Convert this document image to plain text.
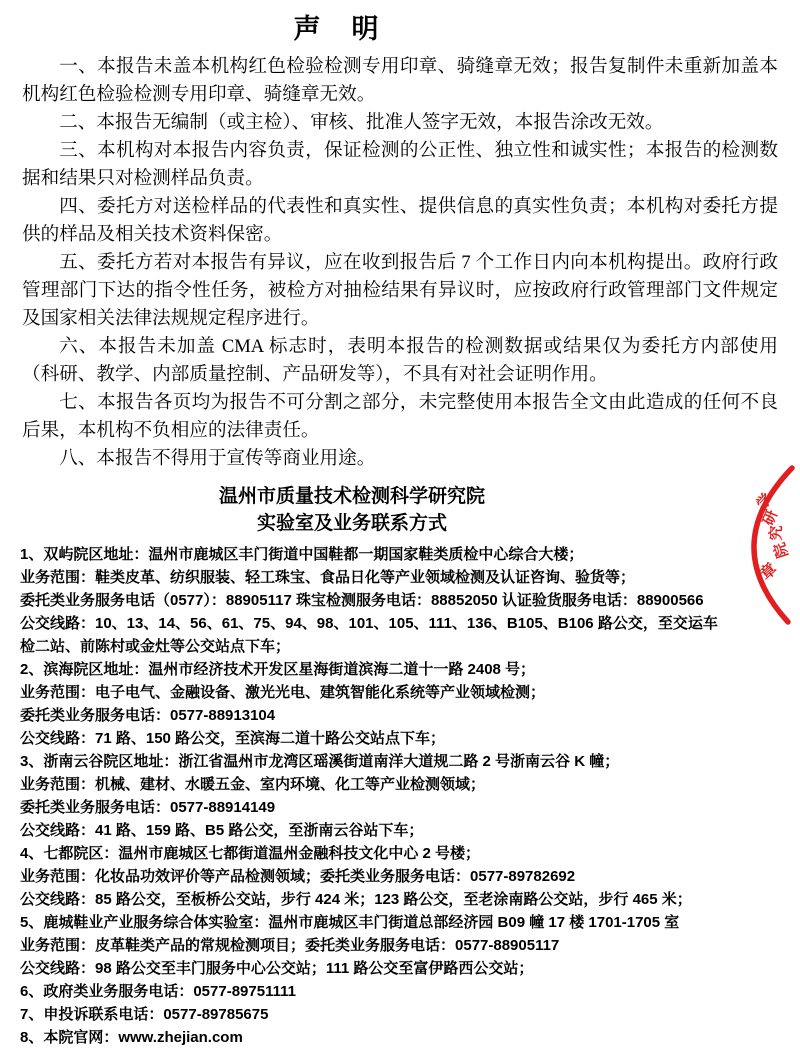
声　明
一、本报告未盖本机构红色检验检测专用印章、骑缝章无效；报告复制件未重新加盖本机构红色检验检测专用印章、骑缝章无效。
二、本报告无编制（或主检）、审核、批准人签字无效，本报告涂改无效。
三、本机构对本报告内容负责，保证检测的公正性、独立性和诚实性；本报告的检测数据和结果只对检测样品负责。
四、委托方对送检样品的代表性和真实性、提供信息的真实性负责；本机构对委托方提供的样品及相关技术资料保密。
五、委托方若对本报告有异议，应在收到报告后 7 个工作日内向本机构提出。政府行政管理部门下达的指令性任务，被检方对抽检结果有异议时，应按政府行政管理部门文件规定及国家相关法律法规规定程序进行。
六、本报告未加盖 CMA 标志时，表明本报告的检测数据或结果仅为委托方内部使用（科研、教学、内部质量控制、产品研发等），不具有对社会证明作用。
七、本报告各页均为报告不可分割之部分，未完整使用本报告全文由此造成的任何不良后果，本机构不负相应的法律责任。
八、本报告不得用于宣传等商业用途。
温州市质量技术检测科学研究院
实验室及业务联系方式
1、双屿院区地址：温州市鹿城区丰门街道中国鞋都一期国家鞋类质检中心综合大楼；
业务范围：鞋类皮革、纺织服装、轻工珠宝、食品日化等产业领域检测及认证咨询、验货等；
委托类业务服务电话（0577）：88905117 珠宝检测服务电话：88852050 认证验货服务电话：88900566
公交线路：10、13、14、56、61、75、94、98、101、105、111、136、B105、B106 路公交，至交运车
检二站、前陈村或金灶等公交站点下车；
2、滨海院区地址：温州市经济技术开发区星海街道滨海二道十一路 2408 号；
业务范围：电子电气、金融设备、激光光电、建筑智能化系统等产业领域检测；
委托类业务服务电话：0577-88913104
公交线路：71 路、150 路公交，至滨海二道十路公交站点下车；
3、浙南云谷院区地址：浙江省温州市龙湾区瑶溪街道南洋大道规二路 2 号浙南云谷 K 幢；
业务范围：机械、建材、水暖五金、室内环境、化工等产业检测领域；
委托类业务服务电话：0577-88914149
公交线路：41 路、159 路、B5 路公交，至浙南云谷站下车；
4、七都院区：温州市鹿城区七都街道温州金融科技文化中心 2 号楼；
业务范围：化妆品功效评价等产品检测领域；委托类业务服务电话：0577-89782692
公交线路：85 路公交，至板桥公交站，步行 424 米；123 路公交，至老涂南路公交站，步行 465 米；
5、鹿城鞋业产业服务综合体实验室：温州市鹿城区丰门街道总部经济园 B09 幢 17 楼 1701-1705 室
业务范围：皮革鞋类产品的常规检测项目；委托类业务服务电话：0577-88905117
公交线路：98 路公交至丰门服务中心公交站；111 路公交至富伊路西公交站；
6、政府类业务服务电话：0577-89751111
7、申投诉联系电话：0577-89785675
8、本院官网：www.zhejian.com
学
研
究
院
章
